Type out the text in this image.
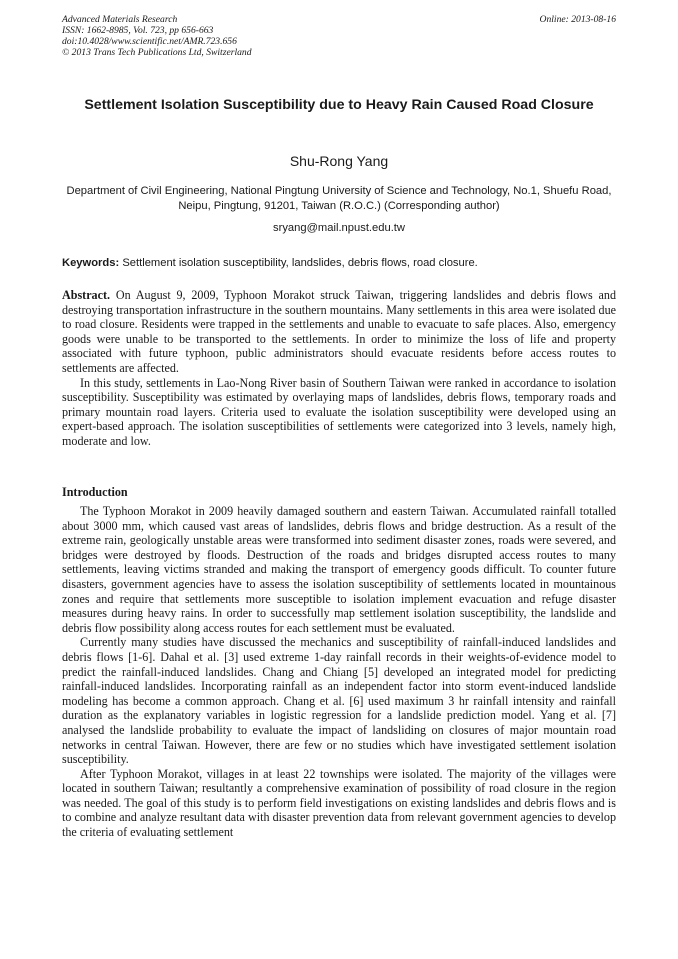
Advanced Materials Research
ISSN: 1662-8985, Vol. 723, pp 656-663
doi:10.4028/www.scientific.net/AMR.723.656
© 2013 Trans Tech Publications Ltd, Switzerland
Online: 2013-08-16
Settlement Isolation Susceptibility due to Heavy Rain Caused Road Closure
Shu-Rong Yang
Department of Civil Engineering, National Pingtung University of Science and Technology, No.1, Shuefu Road, Neipu, Pingtung, 91201, Taiwan (R.O.C.) (Corresponding author)
sryang@mail.npust.edu.tw
Keywords: Settlement isolation susceptibility, landslides, debris flows, road closure.

Abstract. On August 9, 2009, Typhoon Morakot struck Taiwan, triggering landslides and debris flows and destroying transportation infrastructure in the southern mountains. Many settlements in this area were isolated due to road closure. Residents were trapped in the settlements and unable to evacuate to safe places. Also, emergency goods were unable to be transported to the settlements. In order to minimize the loss of life and property associated with future typhoon, public administrators should evacuate residents before access routes to settlements are affected.

In this study, settlements in Lao-Nong River basin of Southern Taiwan were ranked in accordance to isolation susceptibility. Susceptibility was estimated by overlaying maps of landslides, debris flows, temporary roads and primary mountain road layers. Criteria used to evaluate the isolation susceptibility were developed using an expert-based approach. The isolation susceptibilities of settlements were categorized into 3 levels, namely high, moderate and low.

Introduction

The Typhoon Morakot in 2009 heavily damaged southern and eastern Taiwan. Accumulated rainfall totalled about 3000 mm, which caused vast areas of landslides, debris flows and bridge destruction. As a result of the extreme rain, geologically unstable areas were transformed into sediment disaster zones, roads were severed, and bridges were destroyed by floods. Destruction of the roads and bridges disrupted access routes to many settlements, leaving victims stranded and making the transport of emergency goods difficult. To counter future disasters, government agencies have to assess the isolation susceptibility of settlements located in mountainous zones and require that settlements more susceptible to isolation implement evacuation and refuge disaster measures during heavy rains. In order to successfully map settlement isolation susceptibility, the landslide and debris flow possibility along access routes for each settlement must be evaluated.

Currently many studies have discussed the mechanics and susceptibility of rainfall-induced landslides and debris flows [1-6]. Dahal et al. [3] used extreme 1-day rainfall records in their weights-of-evidence model to predict the rainfall-induced landslides. Chang and Chiang [5] developed an integrated model for predicting rainfall-induced landslides. Incorporating rainfall as an independent factor into storm event-induced landslide modeling has become a common approach. Chang et al. [6] used maximum 3 hr rainfall intensity and rainfall duration as the explanatory variables in logistic regression for a landslide prediction model. Yang et al. [7] analysed the landslide probability to evaluate the impact of landsliding on closures of major mountain road networks in central Taiwan. However, there are few or no studies which have investigated settlement isolation susceptibility.

After Typhoon Morakot, villages in at least 22 townships were isolated. The majority of the villages were located in southern Taiwan; resultantly a comprehensive examination of possibility of road closure in the region was needed. The goal of this study is to perform field investigations on existing landslides and debris flows and is to combine and analyze resultant data with disaster prevention data from relevant government agencies to develop the criteria of evaluating settlement
